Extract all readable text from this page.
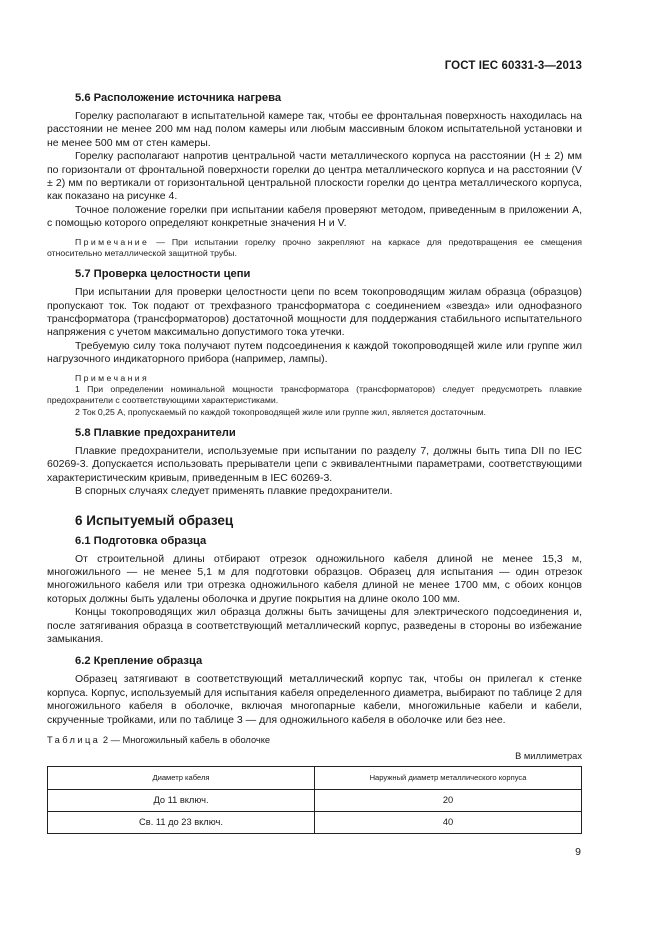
ГОСТ IEC 60331-3—2013
5.6 Расположение источника нагрева

Горелку располагают в испытательной камере так, чтобы ее фронтальная поверхность находилась на расстоянии не менее 200 мм над полом камеры или любым массивным блоком испытательной установки и не менее 500 мм от стен камеры.

Горелку располагают напротив центральной части металлического корпуса на расстоянии (H ± 2) мм по горизонтали от фронтальной поверхности горелки до центра металлического корпуса и на расстоянии (V ± 2) мм по вертикали от горизонтальной центральной плоскости горелки до центра металлического корпуса, как показано на рисунке 4.

Точное положение горелки при испытании кабеля проверяют методом, приведенным в приложении А, с помощью которого определяют конкретные значения H и V.

Примечание — При испытании горелку прочно закрепляют на каркасе для предотвращения ее смещения относительно металлической защитной трубы.
5.7 Проверка целостности цепи

При испытании для проверки целостности цепи по всем токопроводящим жилам образца (образцов) пропускают ток. Ток подают от трехфазного трансформатора с соединением «звезда» или однофазного трансформатора (трансформаторов) достаточной мощности для поддержания стабильного испытательного напряжения с учетом максимально допустимого тока утечки.

Требуемую силу тока получают путем подсоединения к каждой токопроводящей жиле или группе жил нагрузочного индикаторного прибора (например, лампы).

Примечания
1 При определении номинальной мощности трансформатора (трансформаторов) следует предусмотреть плавкие предохранители с соответствующими характеристиками.
2 Ток 0,25 А, пропускаемый по каждой токопроводящей жиле или группе жил, является достаточным.
5.8 Плавкие предохранители

Плавкие предохранители, используемые при испытании по разделу 7, должны быть типа DII по IEC 60269-3. Допускается использовать прерыватели цепи с эквивалентными параметрами, соответствующими характеристическим кривым, приведенным в IEC 60269-3.

В спорных случаях следует применять плавкие предохранители.

6 Испытуемый образец
6.1 Подготовка образца

От строительной длины отбирают отрезок одножильного кабеля длиной не менее 15,3 м, многожильного — не менее 5,1 м для подготовки образцов. Образец для испытания — один отрезок многожильного кабеля или три отрезка одножильного кабеля длиной не менее 1700 мм, с обоих концов которых должны быть удалены оболочка и другие покрытия на длине около 100 мм.

Концы токопроводящих жил образца должны быть зачищены для электрического подсоединения и, после затягивания образца в соответствующий металлический корпус, разведены в стороны во избежание замыкания.

6.2 Крепление образца

Образец затягивают в соответствующий металлический корпус так, чтобы он прилегал к стенке корпуса. Корпус, используемый для испытания кабеля определенного диаметра, выбирают по таблице 2 для многожильного кабеля в оболочке, включая многопарные кабели, многожильные кабели и кабели, скрученные тройками, или по таблице 3 — для одножильного кабеля в оболочке или без нее.

Таблица 2 — Многожильный кабель в оболочке
В миллиметрах
Диаметр кабеля	Наружный диаметр металлического корпуса
До 11 включ.	20
Св. 11 до 23 включ.	40
9
